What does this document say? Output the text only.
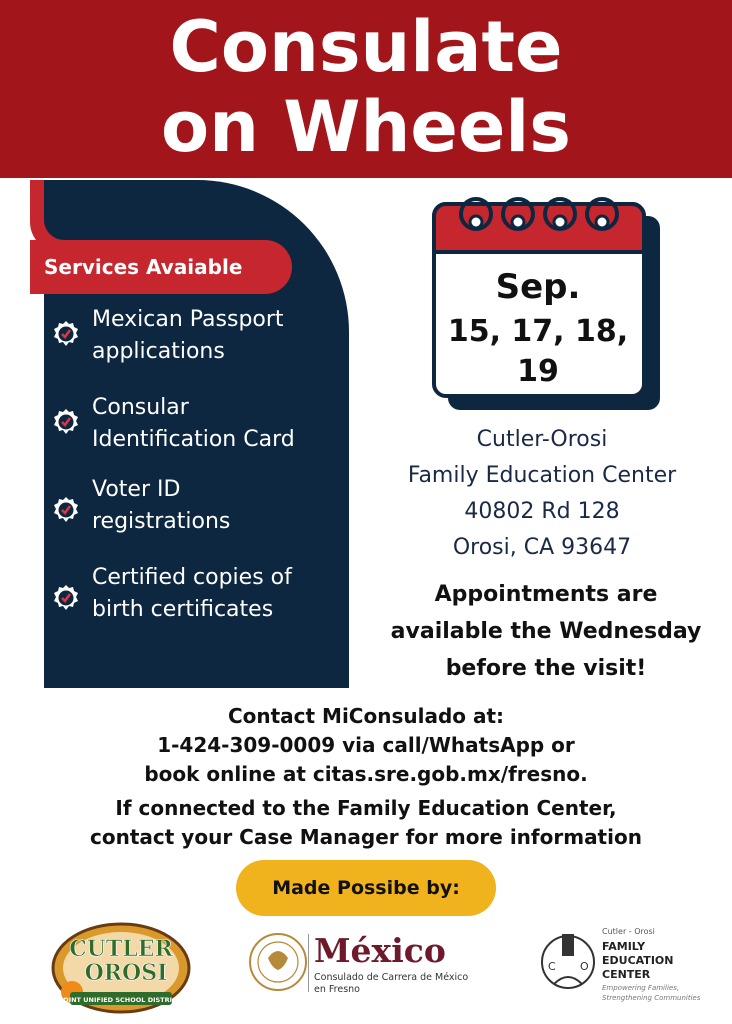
Consulate
on Wheels
Services Avaiable
Mexican Passport
applications
Consular
Identification Card
Voter ID
registrations
Certified copies of
birth certificates
Sep.
15, 17, 18, 19
Cutler-Orosi
Family Education Center
40802 Rd 128
Orosi, CA 93647
Appointments are
available the Wednesday
before the visit!
Contact MiConsulado at:
1-424-309-0009 via call/WhatsApp or
book online at citas.sre.gob.mx/fresno.
If connected to the Family Education Center,
contact your Case Manager for more information
Made Possibe by:
CUTLER
OROSI
JOINT UNIFIED SCHOOL DISTRICT
México
Consulado de Carrera de México
en Fresno
C O
Cutler - Orosi
FAMILY
EDUCATION
CENTER
Empowering Families,
Strengthening Communities
